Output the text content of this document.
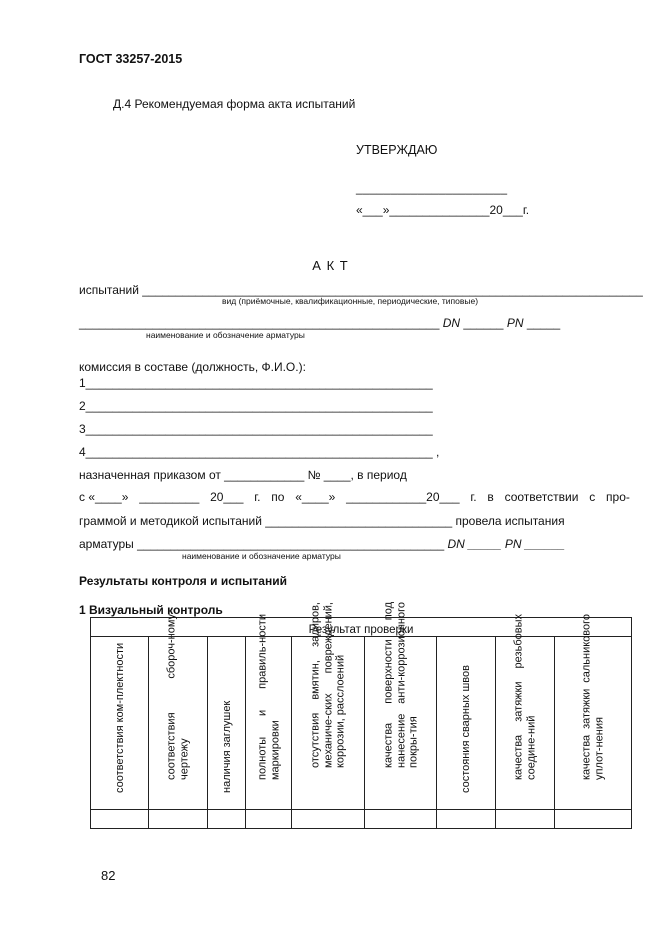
ГОСТ 33257-2015
Д.4 Рекомендуемая форма акта испытаний
УТВЕРЖДАЮ
______________________
«___»_______________20___г.
А К Т
испытаний ___________________________________________________________________________
вид (приёмочные, квалификационные, периодические, типовые)
______________________________________________________ DN ______ PN _____
наименование и обозначение арматуры
комиссия в составе (должность, Ф.И.О.):
1____________________________________________________
2____________________________________________________
3____________________________________________________
4____________________________________________________ ,
назначенная приказом от ____________ № ____, в период
с «____» _________ 20___ г. по «____» ____________20___ г. в соответствии с про-
граммой и методикой испытаний ____________________________ провела испытания
арматуры ______________________________________________ DN _____ PN ______
наименование и обозначение арматуры
Результаты контроля и испытаний
1 Визуальный контроль
Результат проверки								

соответствия ком-плектности	соответствия сбороч-ному чертежу	наличия заглушек	полноты и правиль-ности маркировки	отсутствия вмятин, задиров, механиче-ских повреждений, коррозии, расслоений	качества поверхности под нанесение анти-коррозионного покры-тия	состояния сварных швов	качества затяжки резьбовых соедине-ний	качества затяжки сальникового уплот-нения

82
